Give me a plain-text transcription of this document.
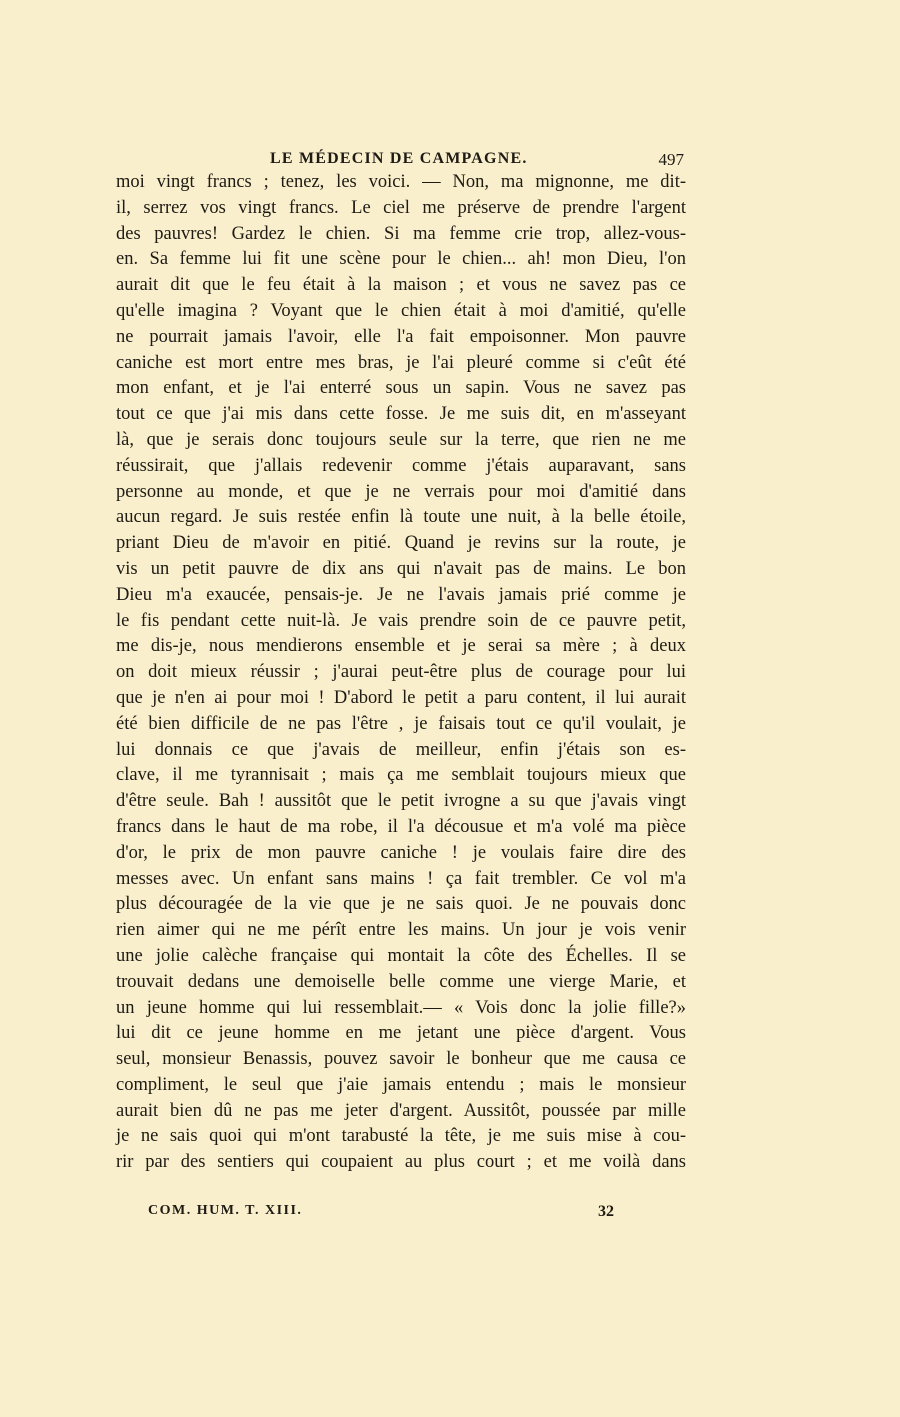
LE MÉDECIN DE CAMPAGNE.	497
moi vingt francs ; tenez, les voici. — Non, ma mignonne, me dit-
il, serrez vos vingt francs. Le ciel me préserve de prendre l'argent
des pauvres! Gardez le chien. Si ma femme crie trop, allez-vous-
en. Sa femme lui fit une scène pour le chien... ah! mon Dieu, l'on
aurait dit que le feu était à la maison ; et vous ne savez pas ce
qu'elle imagina ? Voyant que le chien était à moi d'amitié, qu'elle
ne pourrait jamais l'avoir, elle l'a fait empoisonner. Mon pauvre
caniche est mort entre mes bras, je l'ai pleuré comme si c'eût été
mon enfant, et je l'ai enterré sous un sapin. Vous ne savez pas
tout ce que j'ai mis dans cette fosse. Je me suis dit, en m'asseyant
là, que je serais donc toujours seule sur la terre, que rien ne me
réussirait, que j'allais redevenir comme j'étais auparavant, sans
personne au monde, et que je ne verrais pour moi d'amitié dans
aucun regard. Je suis restée enfin là toute une nuit, à la belle étoile,
priant Dieu de m'avoir en pitié. Quand je revins sur la route, je
vis un petit pauvre de dix ans qui n'avait pas de mains. Le bon
Dieu m'a exaucée, pensais-je. Je ne l'avais jamais prié comme je
le fis pendant cette nuit-là. Je vais prendre soin de ce pauvre petit,
me dis-je, nous mendierons ensemble et je serai sa mère ; à deux
on doit mieux réussir ; j'aurai peut-être plus de courage pour lui
que je n'en ai pour moi ! D'abord le petit a paru content, il lui aurait
été bien difficile de ne pas l'être , je faisais tout ce qu'il voulait, je
lui donnais ce que j'avais de meilleur, enfin j'étais son es-
clave, il me tyrannisait ; mais ça me semblait toujours mieux que
d'être seule. Bah ! aussitôt que le petit ivrogne a su que j'avais vingt
francs dans le haut de ma robe, il l'a décousue et m'a volé ma pièce
d'or, le prix de mon pauvre caniche ! je voulais faire dire des
messes avec. Un enfant sans mains ! ça fait trembler. Ce vol m'a
plus découragée de la vie que je ne sais quoi. Je ne pouvais donc
rien aimer qui ne me pérît entre les mains. Un jour je vois venir
une jolie calèche française qui montait la côte des Échelles. Il se
trouvait dedans une demoiselle belle comme une vierge Marie, et
un jeune homme qui lui ressemblait.— « Vois donc la jolie fille?»
lui dit ce jeune homme en me jetant une pièce d'argent. Vous
seul, monsieur Benassis, pouvez savoir le bonheur que me causa ce
compliment, le seul que j'aie jamais entendu ; mais le monsieur
aurait bien dû ne pas me jeter d'argent. Aussitôt, poussée par mille
je ne sais quoi qui m'ont tarabusté la tête, je me suis mise à cou-
rir par des sentiers qui coupaient au plus court ; et me voilà dans
COM. HUM. T. XIII.	32
